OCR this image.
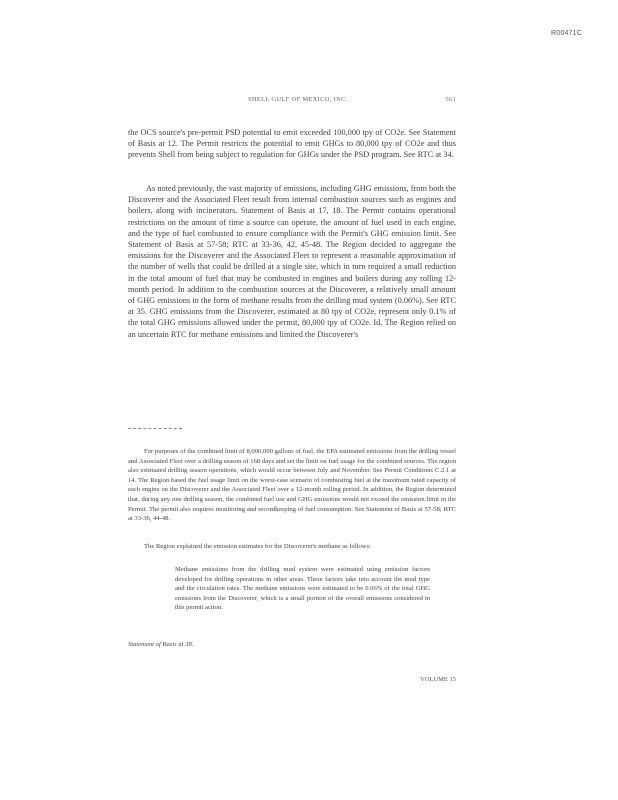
R00471C
SHELL GULF OF MEXICO, INC.	561
the OCS source's pre-permit PSD potential to emit exceeded 100,000 tpy of CO2e. See Statement of Basis at 12. The Permit restricts the potential to emit GHGs to 80,000 tpy of CO2e and thus prevents Shell from being subject to regulation for GHGs under the PSD program. See RTC at 34.
As noted previously, the vast majority of emissions, including GHG emissions, from both the Discoverer and the Associated Fleet result from internal combustion sources such as engines and boilers, along with incinerators. Statement of Basis at 17, 18. The Permit contains operational restrictions on the amount of time a source can operate, the amount of fuel used in each engine, and the type of fuel combusted to ensure compliance with the Permit's GHG emission limit. See Statement of Basis at 57-58; RTC at 33-36, 42, 45-48. The Region decided to aggregate the emissions for the Discoverer and the Associated Fleet to represent a reasonable approximation of the number of wells that could be drilled at a single site, which in turn required a small reduction in the total amount of fuel that may be combusted in engines and boilers during any rolling 12-month period. In addition to the combustion sources at the Discoverer, a relatively small amount of GHG emissions in the form of methane results from the drilling mud system (0.06%). See RTC at 35. GHG emissions from the Discoverer, estimated at 80 tpy of CO2e, represent only 0.1% of the total GHG emissions allowed under the permit, 80,000 tpy of CO2e. Id. The Region relied on an uncertain RTC for methane emissions and limited the Discoverer's
For purposes of the combined limit of 8,000,000 gallons of fuel, the EPA estimated emissions from the drilling vessel and Associated Fleet over a drilling season of 168 days and set the limit on fuel usage for the combined sources. The region also estimated drilling season operations, which would occur between July and November. See Permit Conditions C.2.1 at 14. The Region based the fuel usage limit on the worst-case scenario of combusting fuel at the maximum rated capacity of each engine on the Discoverer and the Associated Fleet over a 12-month rolling period. In addition, the Region determined that, during any one drilling season, the combined fuel use and GHG emissions would not exceed the emission limit in the Permit. The permit also requires monitoring and recordkeeping of fuel consumption. See Statement of Basis at 57-58; RTC at 33-36, 44-48.
The Region explained the emission estimates for the Discoverer's methane as follows:
Methane emissions from the drilling mud system were estimated using emission factors developed for drilling operations in other areas. These factors take into account the mud type and the circulation rates. The methane emissions were estimated to be 0.06% of the total GHG emissions from the Discoverer, which is a small portion of the overall emissions considered in this permit action.
Statement of Basis at 38.
VOLUME 15
